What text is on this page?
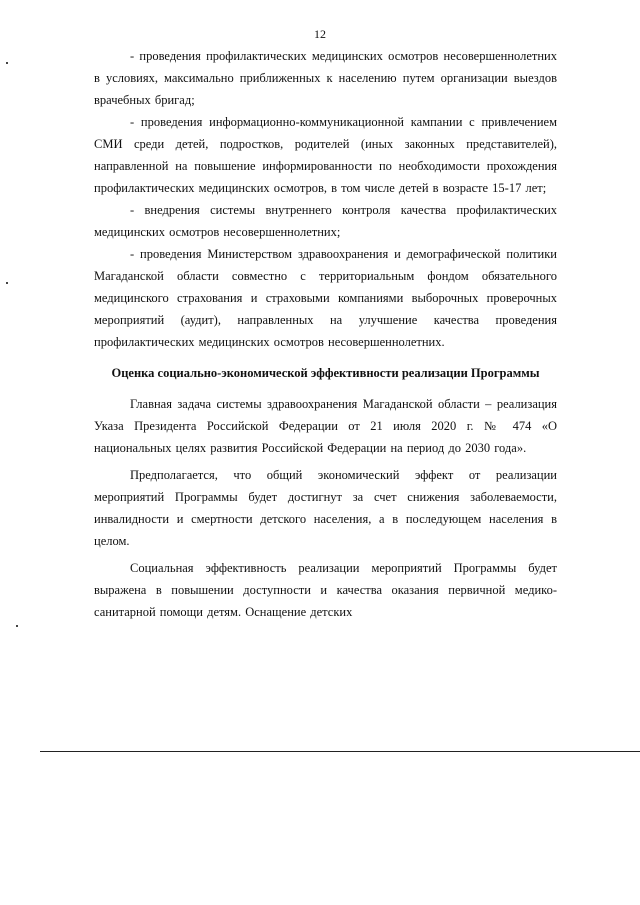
12

- проведения профилактических медицинских осмотров несовершеннолетних в условиях, максимально приближенных к населению путем организации выездов врачебных бригад;

- проведения информационно-коммуникационной кампании с привлечением СМИ среди детей, подростков, родителей (иных законных представителей), направленной на повышение информированности по необходимости прохождения профилактических медицинских осмотров, в том числе детей в возрасте 15-17 лет;

- внедрения системы внутреннего контроля качества профилактических медицинских осмотров несовершеннолетних;

- проведения Министерством здравоохранения и демографической политики Магаданской области совместно с территориальным фондом обязательного медицинского страхования и страховыми компаниями выборочных проверочных мероприятий (аудит), направленных на улучшение качества проведения профилактических медицинских осмотров несовершеннолетних.

Оценка социально-экономической эффективности реализации Программы

Главная задача системы здравоохранения Магаданской области – реализация Указа Президента Российской Федерации от 21 июля 2020 г. № 474 «О национальных целях развития Российской Федерации на период до 2030 года».

Предполагается, что общий экономический эффект от реализации мероприятий Программы будет достигнут за счет снижения заболеваемости, инвалидности и смертности детского населения, а в последующем населения в целом.

Социальная эффективность реализации мероприятий Программы будет выражена в повышении доступности и качества оказания первичной медико-санитарной помощи детям. Оснащение детских
